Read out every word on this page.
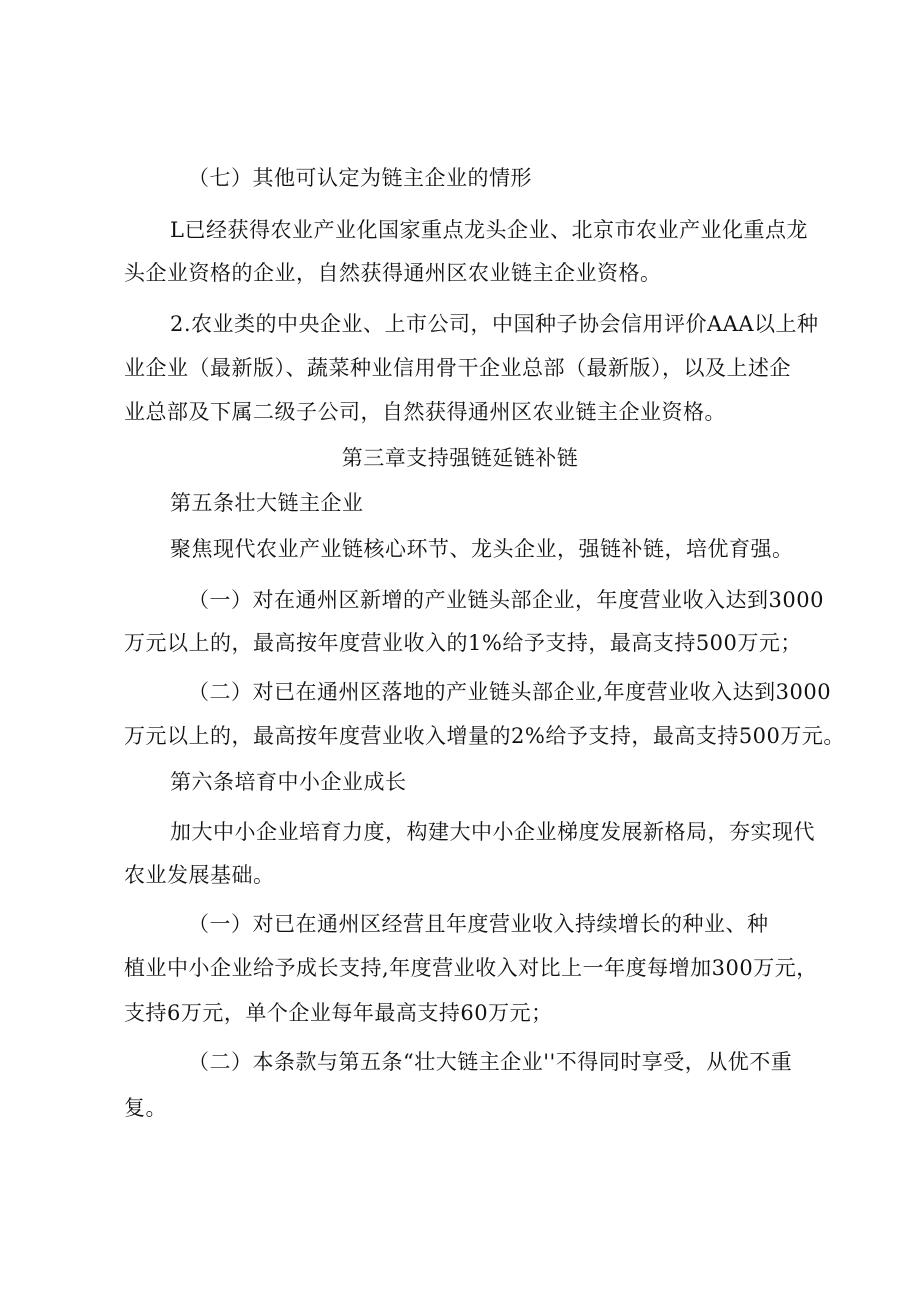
（七）其他可认定为链主企业的情形
L已经获得农业产业化国家重点龙头企业、北京市农业产业化重点龙
头企业资格的企业，自然获得通州区农业链主企业资格。
2.农业类的中央企业、上市公司，中国种子协会信用评价AAA以上种
业企业（最新版）、蔬菜种业信用骨干企业总部（最新版），以及上述企
业总部及下属二级子公司，自然获得通州区农业链主企业资格。
第三章支持强链延链补链
第五条壮大链主企业
聚焦现代农业产业链核心环节、龙头企业，强链补链，培优育强。
（一）对在通州区新增的产业链头部企业，年度营业收入达到3000
万元以上的，最高按年度营业收入的1%给予支持，最高支持500万元；
（二）对已在通州区落地的产业链头部企业,年度营业收入达到3000
万元以上的，最高按年度营业收入增量的2%给予支持，最高支持500万元。
第六条培育中小企业成长
加大中小企业培育力度，构建大中小企业梯度发展新格局，夯实现代
农业发展基础。
（一）对已在通州区经营且年度营业收入持续增长的种业、种
植业中小企业给予成长支持,年度营业收入对比上一年度每增加300万元，
支持6万元，单个企业每年最高支持60万元；
（二）本条款与第五条“壮大链主企业''不得同时享受，从优不重
复。
